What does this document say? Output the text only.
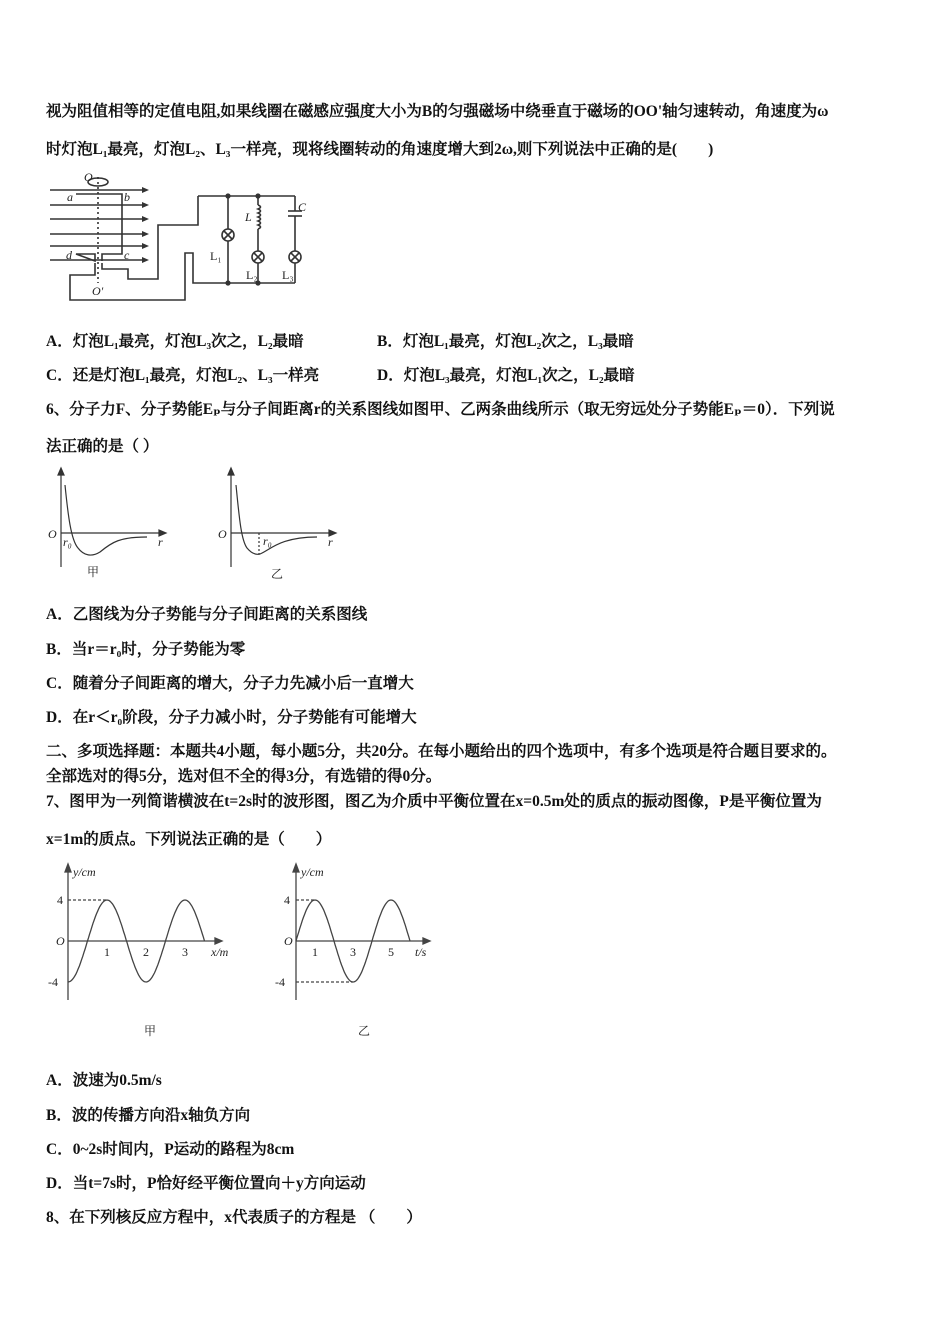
视为阻值相等的定值电阻,如果线圈在磁感应强度大小为B的匀强磁场中绕垂直于磁场的OO'轴匀速转动，角速度为ω
时灯泡L₁最亮，灯泡L₂、L₃一样亮，现将线圈转动的角速度增大到2ω,则下列说法中正确的是(　　)
O
O'
a	b
c
d
L
C
L₁
L₂ L₃
A．灯泡L₁最亮，灯泡L₃次之，L₂最暗	B．灯泡L₁最亮，灯泡L₂次之，L₃最暗
C．还是灯泡L₁最亮，灯泡L₂、L₃一样亮	D．灯泡L₃最亮，灯泡L₁次之，L₂最暗
6、分子力F、分子势能Eₚ与分子间距离r的关系图线如图甲、乙两条曲线所示（取无穷远处分子势能Eₚ＝0）．下列说
法正确的是（ ）
O
r₀	r
甲
O	r₀	r
乙
A．乙图线为分子势能与分子间距离的关系图线
B．当r＝r₀时，分子势能为零
C．随着分子间距离的增大，分子力先减小后一直增大
D．在r＜r₀阶段，分子力减小时，分子势能有可能增大
二、多项选择题：本题共4小题，每小题5分，共20分。在每小题给出的四个选项中，有多个选项是符合题目要求的。
全部选对的得5分，选对但不全的得3分，有选错的得0分。
7、图甲为一列简谐横波在t=2s时的波形图，图乙为介质中平衡位置在x=0.5m处的质点的振动图像，P是平衡位置为
x=1m的质点。下列说法正确的是（　　）
y/cm
4
-4
O
1	2	3 x/m
甲
y/cm
4
-4
O
1	3	5 t/s
乙
A．波速为0.5m/s
B．波的传播方向沿x轴负方向
C．0~2s时间内，P运动的路程为8cm
D．当t=7s时，P恰好经平衡位置向＋y方向运动
8、在下列核反应方程中，x代表质子的方程是 （　　）
